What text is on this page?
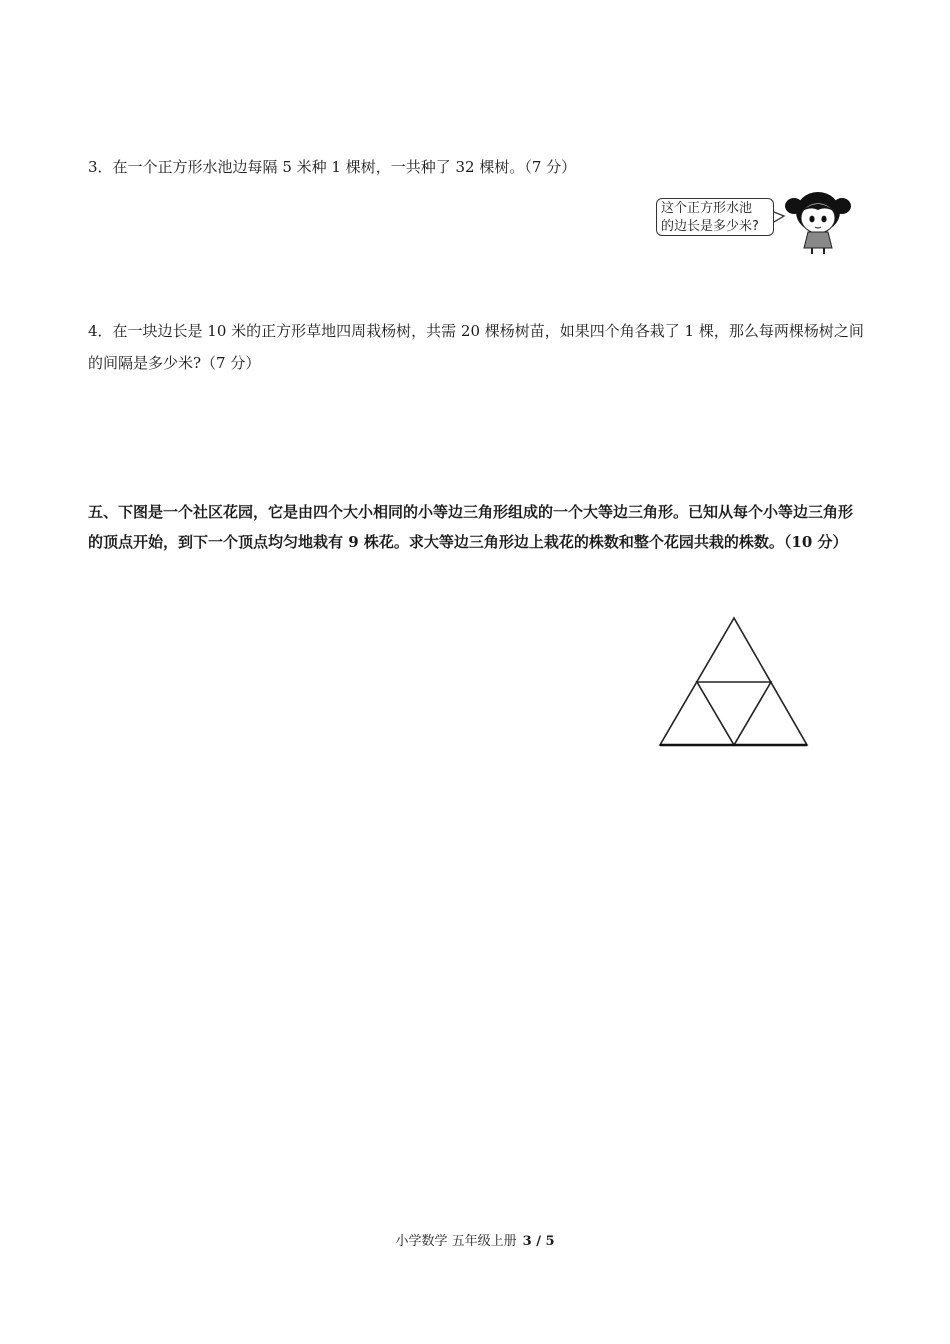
3．在一个正方形水池边每隔 5 米种 1 棵树，一共种了 32 棵树。（7 分）
这个正方形水池
的边长是多少米?
4．在一块边长是 10 米的正方形草地四周栽杨树，共需 20 棵杨树苗，如果四个角各栽了 1 棵，那么每两棵杨树之间的间隔是多少米?（7 分）
五、下图是一个社区花园，它是由四个大小相同的小等边三角形组成的一个大等边三角形。已知从每个小等边三角形的顶点开始，到下一个顶点均匀地栽有 9 株花。求大等边三角形边上栽花的株数和整个花园共栽的株数。（10 分）
小学数学 五年级上册 3 / 5
